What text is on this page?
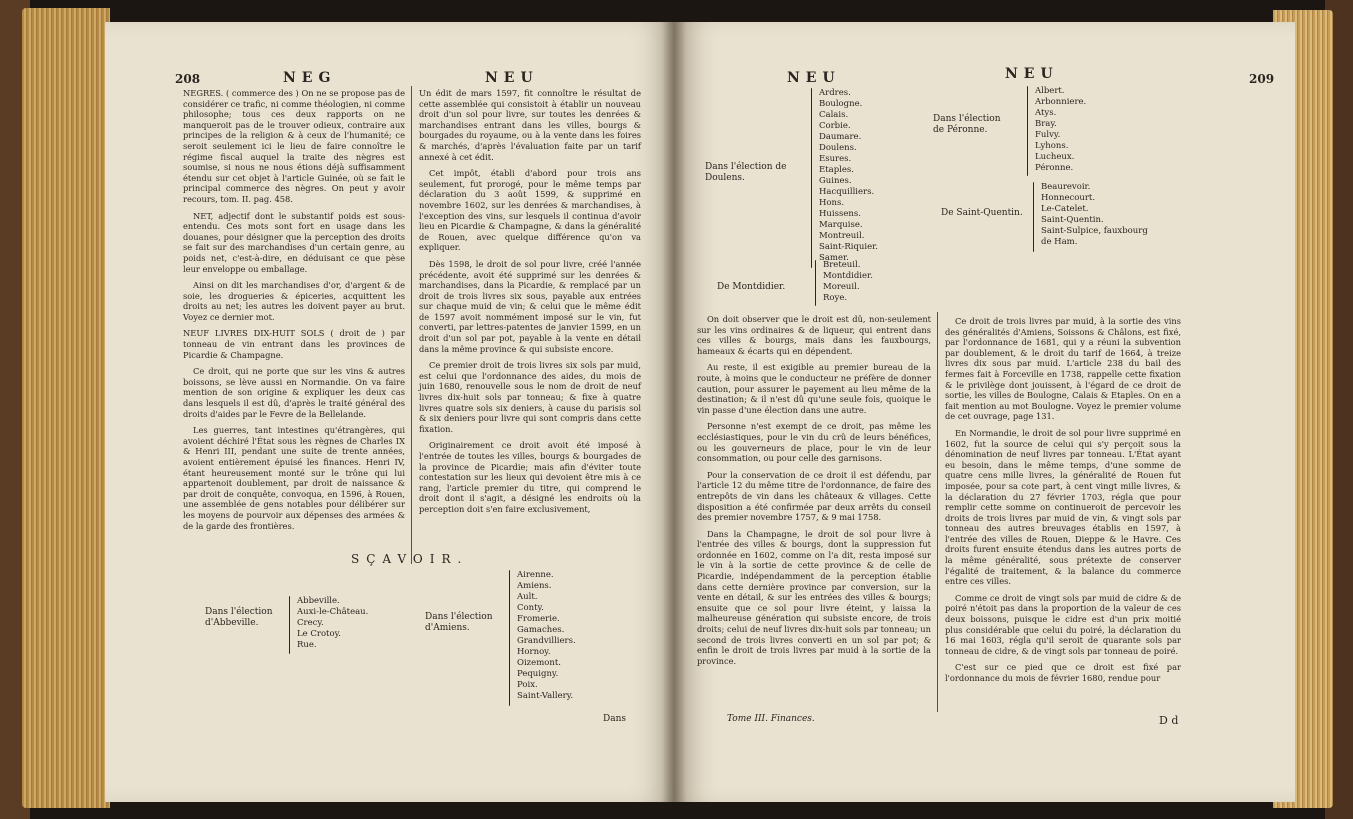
208	NEG	NEU

NEGRES. ( commerce des ) On ne se propose pas de considérer ce trafic, ni comme théologien, ni comme philosophe; tous ces deux rapports on ne manqueroit pas de le trouver odieux, contraire aux principes de la religion & à ceux de l'humanité; ce seroit seulement ici le lieu de faire connoître le régime fiscal auquel la traite des nègres est soumise, si nous ne nous étions déjà suffisamment étendu sur cet objet à l'article Guinée, où se fait le principal commerce des nègres. On peut y avoir recours, tom. II. pag. 458.

NET, adjectif dont le substantif poids est sous-entendu. Ces mots sont fort en usage dans les douanes, pour désigner que la perception des droits se fait sur des marchandises d'un certain genre, au poids net, c'est-à-dire, en déduisant ce que pèse leur enveloppe ou emballage.

Ainsi on dit les marchandises d'or, d'argent & de soie, les drogueries & épiceries, acquittent les droits au net; les autres les doivent payer au brut. Voyez ce dernier mot.

NEUF LIVRES DIX-HUIT SOLS ( droit de ) par tonneau de vin entrant dans les provinces de Picardie & Champagne.

Ce droit, qui ne porte que sur les vins & autres boissons, se lève aussi en Normandie. On va faire mention de son origine & expliquer les deux cas dans lesquels il est dû, d'après le traité général des droits d'aides par le Fevre de la Bellelande.

Les guerres, tant intestines qu'étrangères, qui avoient déchiré l'État sous les règnes de Charles IX & Henri III, pendant une suite de trente années, avoient entièrement épuisé les finances. Henri IV, étant heureusement monté sur le trône qui lui appartenoit doublement, par droit de naissance & par droit de conquête, convoqua, en 1596, à Rouen, une assemblée de gens notables pour délibérer sur les moyens de pourvoir aux dépenses des armées & de la garde des frontières.

Un édit de mars 1597, fit connoître le résultat de cette assemblée qui consistoit à établir un nouveau droit d'un sol pour livre, sur toutes les denrées & marchandises entrant dans les villes, bourgs & bourgades du royaume, ou à la vente dans les foires & marchés, d'après l'évaluation faite par un tarif annexé à cet édit.

Cet impôt, établi d'abord pour trois ans seulement, fut prorogé, pour le même temps par déclaration du 3 août 1599, & supprimé en novembre 1602, sur les denrées & marchandises, à l'exception des vins, sur lesquels il continua d'avoir lieu en Picardie & Champagne, & dans la généralité de Rouen, avec quelque différence qu'on va expliquer.

Dès 1598, le droit de sol pour livre, créé l'année précédente, avoit été supprimé sur les denrées & marchandises, dans la Picardie, & remplacé par un droit de trois livres six sous, payable aux entrées sur chaque muid de vin; & celui que le même édit de 1597 avoit nommément imposé sur le vin, fut converti, par lettres-patentes de janvier 1599, en un droit d'un sol par pot, payable à la vente en détail dans la même province & qui subsiste encore.

Ce premier droit de trois livres six sols par muid, est celui que l'ordonnance des aides, du mois de juin 1680, renouvelle sous le nom de droit de neuf livres dix-huit sols par tonneau; & fixe à quatre livres quatre sols six deniers, à cause du parisis sol & six deniers pour livre qui sont compris dans cette fixation.

Originairement ce droit avoit été imposé à l'entrée de toutes les villes, bourgs & bourgades de la province de Picardie; mais afin d'éviter toute contestation sur les lieux qui devoient être mis à ce rang, l'article premier du titre, qui comprend le droit dont il s'agit, a désigné les endroits où la perception doit s'en faire exclusivement,

SÇAVOIR.
Dans l'élection
d'Abbeville.
Abbeville.
Auxi-le-Château.
Crecy.
Le Crotoy.
Rue.
Dans l'élection
d'Amiens.
Airenne.
Amiens.
Ault.
Conty.
Fromerie.
Gamaches.
Grandvilliers.
Hornoy.
Oizemont.
Pequigny.
Poix.
Saint-Vallery.
Dans
NEU	NEU	209
Dans l'élection de
Doulens.
Ardres.
Boulogne.
Calais.
Corbie.
Daumare.
Doulens.
Esures.
Etaples.
Guines.
Hacquilliers.
Hons.
Huissens.
Marquise.
Montreuil.
Saint-Riquier.
Samer.
De Montdidier.
Breteuil.
Montdidier.
Moreuil.
Roye.
Dans l'élection
de Péronne.
Albert.
Arbonniere.
Atys.
Bray.
Fulvy.
Lyhons.
Lucheux.
Péronne.
De Saint-Quentin.
Beaurevoir.
Honnecourt.
Le-Catelet.
Saint-Quentin.
Saint-Sulpice, fauxbourg
de Ham.

On doit observer que le droit est dû, non-seulement sur les vins ordinaires & de liqueur, qui entrent dans ces villes & bourgs, mais dans les fauxbourgs, hameaux & écarts qui en dépendent.

Au reste, il est exigible au premier bureau de la route, à moins que le conducteur ne préfère de donner caution, pour assurer le payement au lieu même de la destination; & il n'est dû qu'une seule fois, quoique le vin passe d'une élection dans une autre.

Personne n'est exempt de ce droit, pas même les ecclésiastiques, pour le vin du crû de leurs bénéfices, ou les gouverneurs de place, pour le vin de leur consommation, ou pour celle des garnisons.

Pour la conservation de ce droit il est défendu, par l'article 12 du même titre de l'ordonnance, de faire des entrepôts de vin dans les châteaux & villages. Cette disposition a été confirmée par deux arrêts du conseil des premier novembre 1757, & 9 mai 1758.

Dans la Champagne, le droit de sol pour livre à l'entrée des villes & bourgs, dont la suppression fut ordonnée en 1602, comme on l'a dit, resta imposé sur le vin à la sortie de cette province & de celle de Picardie, indépendamment de la perception établie dans cette dernière province par conversion, sur la vente en détail, & sur les entrées des villes & bourgs; ensuite que ce sol pour livre éteint, y laissa la malheureuse génération qui subsiste encore, de trois droits; celui de neuf livres dix-huit sols par tonneau; un second de trois livres converti en un sol par pot; & enfin le droit de trois livres par muid à la sortie de la province.

Ce droit de trois livres par muid, à la sortie des vins des généralités d'Amiens, Soissons & Châlons, est fixé, par l'ordonnance de 1681, qui y a réuni la subvention par doublement, & le droit du tarif de 1664, à treize livres dix sous par muid. L'article 238 du bail des fermes fait à Forceville en 1738, rappelle cette fixation & le privilège dont jouissent, à l'égard de ce droit de sortie, les villes de Boulogne, Calais & Etaples. On en a fait mention au mot Boulogne. Voyez le premier volume de cet ouvrage, page 131.

En Normandie, le droit de sol pour livre supprimé en 1602, fut la source de celui qui s'y perçoit sous la dénomination de neuf livres par tonneau. L'État ayant eu besoin, dans le même temps, d'une somme de quatre cens mille livres, la généralité de Rouen fut imposée, pour sa cote part, à cent vingt mille livres, & la déclaration du 27 février 1703, régla que pour remplir cette somme on continueroit de percevoir les droits de trois livres par muid de vin, & vingt sols par tonneau des autres breuvages établis en 1597, à l'entrée des villes de Rouen, Dieppe & le Havre. Ces droits furent ensuite étendus dans les autres ports de la même généralité, sous prétexte de conserver l'égalité de traitement, & la balance du commerce entre ces villes.

Comme ce droit de vingt sols par muid de cidre & de poiré n'étoit pas dans la proportion de la valeur de ces deux boissons, puisque le cidre est d'un prix moitié plus considérable que celui du poiré, la déclaration du 16 mai 1603, régla qu'il seroit de quarante sols par tonneau de cidre, & de vingt sols par tonneau de poiré.

C'est sur ce pied que ce droit est fixé par l'ordonnance du mois de février 1680, rendue pour

Tome III. Finances.	D d
